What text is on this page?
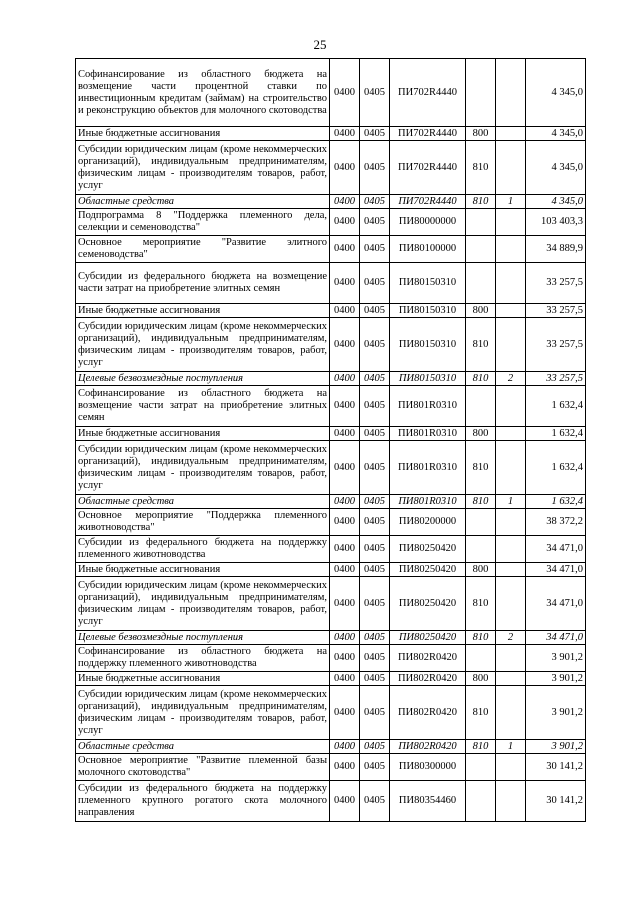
25
Софинансирование из областного бюджета на возмещение части процентной ставки по инвестиционным кредитам (займам) на строительство и реконструкцию объектов для молочного скотоводства	0400	0405	ПИ702R4440			4 345,0
Иные бюджетные ассигнования	0400	0405	ПИ702R4440	800		4 345,0
Субсидии юридическим лицам (кроме некоммерческих организаций), индивидуальным предпринимателям, физическим лицам - производителям товаров, работ, услуг	0400	0405	ПИ702R4440	810		4 345,0
Областные средства	0400	0405	ПИ702R4440	810	1	4 345,0
Подпрограмма 8 "Поддержка племенного дела, селекции и семеноводства"	0400	0405	ПИ80000000			103 403,3
Основное мероприятие "Развитие элитного семеноводства"	0400	0405	ПИ80100000			34 889,9
Субсидии из федерального бюджета на возмещение части затрат на приобретение элитных семян	0400	0405	ПИ80150310			33 257,5
Иные бюджетные ассигнования	0400	0405	ПИ80150310	800		33 257,5
Субсидии юридическим лицам (кроме некоммерческих организаций), индивидуальным предпринимателям, физическим лицам - производителям товаров, работ, услуг	0400	0405	ПИ80150310	810		33 257,5
Целевые безвозмездные поступления	0400	0405	ПИ80150310	810	2	33 257,5
Софинансирование из областного бюджета на возмещение части затрат на приобретение элитных семян	0400	0405	ПИ801R0310			1 632,4
Иные бюджетные ассигнования	0400	0405	ПИ801R0310	800		1 632,4
Субсидии юридическим лицам (кроме некоммерческих организаций), индивидуальным предпринимателям, физическим лицам - производителям товаров, работ, услуг	0400	0405	ПИ801R0310	810		1 632,4
Областные средства	0400	0405	ПИ801R0310	810	1	1 632,4
Основное мероприятие "Поддержка племенного животноводства"	0400	0405	ПИ80200000			38 372,2
Субсидии из федерального бюджета на поддержку племенного животноводства	0400	0405	ПИ80250420			34 471,0
Иные бюджетные ассигнования	0400	0405	ПИ80250420	800		34 471,0
Субсидии юридическим лицам (кроме некоммерческих организаций), индивидуальным предпринимателям, физическим лицам - производителям товаров, работ, услуг	0400	0405	ПИ80250420	810		34 471,0
Целевые безвозмездные поступления	0400	0405	ПИ80250420	810	2	34 471,0
Софинансирование из областного бюджета на поддержку племенного животноводства	0400	0405	ПИ802R0420			3 901,2
Иные бюджетные ассигнования	0400	0405	ПИ802R0420	800		3 901,2
Субсидии юридическим лицам (кроме некоммерческих организаций), индивидуальным предпринимателям, физическим лицам - производителям товаров, работ, услуг	0400	0405	ПИ802R0420	810		3 901,2
Областные средства	0400	0405	ПИ802R0420	810	1	3 901,2
Основное мероприятие "Развитие племенной базы молочного скотоводства"	0400	0405	ПИ80300000			30 141,2
Субсидии из федерального бюджета на поддержку племенного крупного рогатого скота молочного направления	0400	0405	ПИ80354460			30 141,2
